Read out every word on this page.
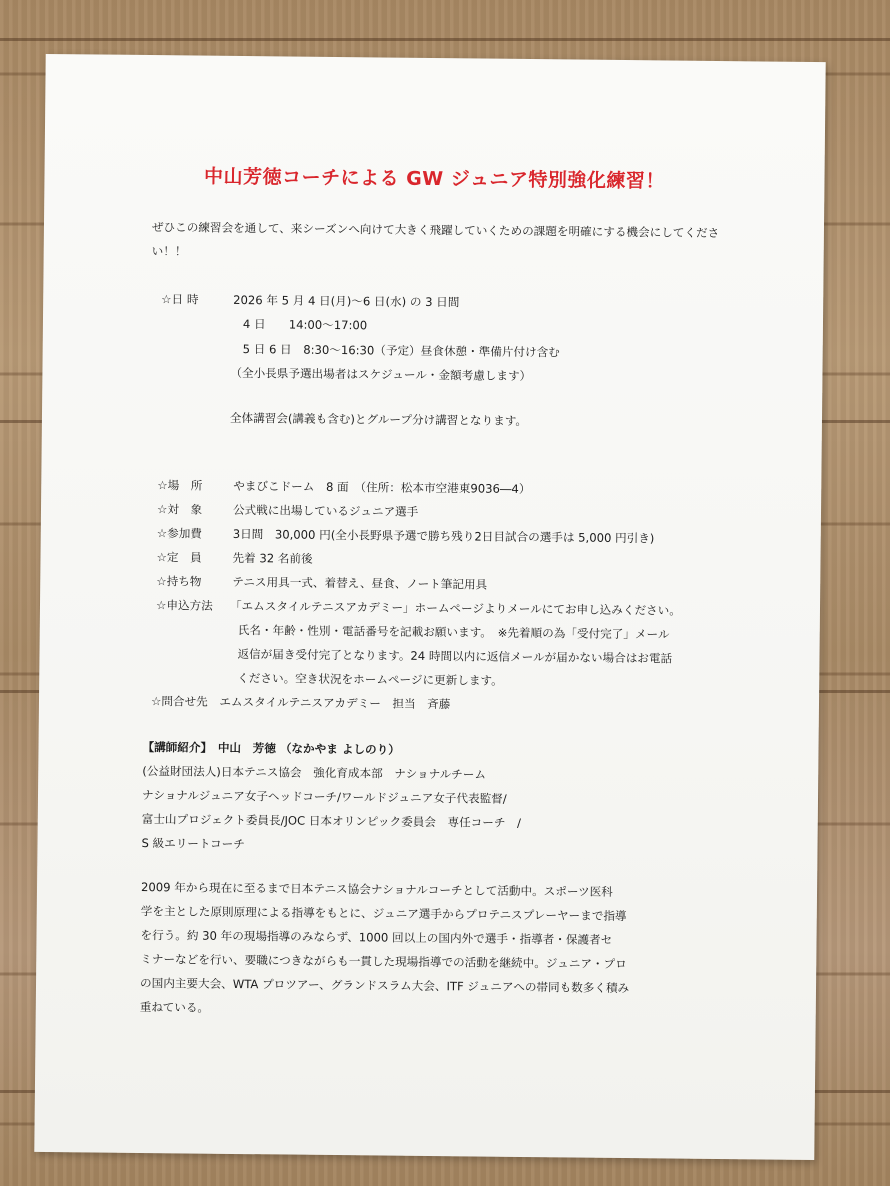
中山芳徳コーチによる GW ジュニア特別強化練習！
ぜひこの練習会を通して、来シーズンへ向けて大きく飛躍していくための課題を明確にする機会にしてくださ
い！！
☆日 時	2026 年 5 月 4 日(月)～6 日(水) の 3 日間
4 日　　14:00～17:00
5 日 6 日　8:30～16:30（予定）昼食休憩・準備片付け含む
（全小長県予選出場者はスケジュール・金額考慮します）
全体講習会(講義も含む)とグループ分け講習となります。
☆場　所	やまびこドーム　8 面　（住所：松本市空港東9036―4）
☆対　象	公式戦に出場しているジュニア選手
☆参加費	3日間　30,000 円(全小長野県予選で勝ち残り2日目試合の選手は 5,000 円引き)
☆定　員	先着 32 名前後
☆持ち物	テニス用具一式、着替え、昼食、ノート筆記用具
☆申込方法 「エムスタイルテニスアカデミー」ホームページよりメールにてお申し込みください。
氏名・年齢・性別・電話番号を記載お願います。　※先着順の為「受付完了」メール
返信が届き受付完了となります。24 時間以内に返信メールが届かない場合はお電話
ください。空き状況をホームページに更新します。
☆問合せ先　エムスタイルテニスアカデミー　担当　斉藤
【講師紹介】　中山　芳徳 （なかやま よしのり）
(公益財団法人)日本テニス協会　強化育成本部　ナショナルチーム
ナショナルジュニア女子ヘッドコーチ/ワールドジュニア女子代表監督/
富士山プロジェクト委員長/JOC 日本オリンピック委員会　専任コーチ　/
S 級エリートコーチ
2009 年から現在に至るまで日本テニス協会ナショナルコーチとして活動中。スポーツ医科
学を主とした原則原理による指導をもとに、ジュニア選手からプロテニスプレーヤーまで指導
を行う。約 30 年の現場指導のみならず、1000 回以上の国内外で選手・指導者・保護者セ
ミナーなどを行い、要職につきながらも一貫した現場指導での活動を継続中。ジュニア・プロ
の国内主要大会、WTA プロツアー、グランドスラム大会、ITF ジュニアへの帯同も数多く積み
重ねている。
